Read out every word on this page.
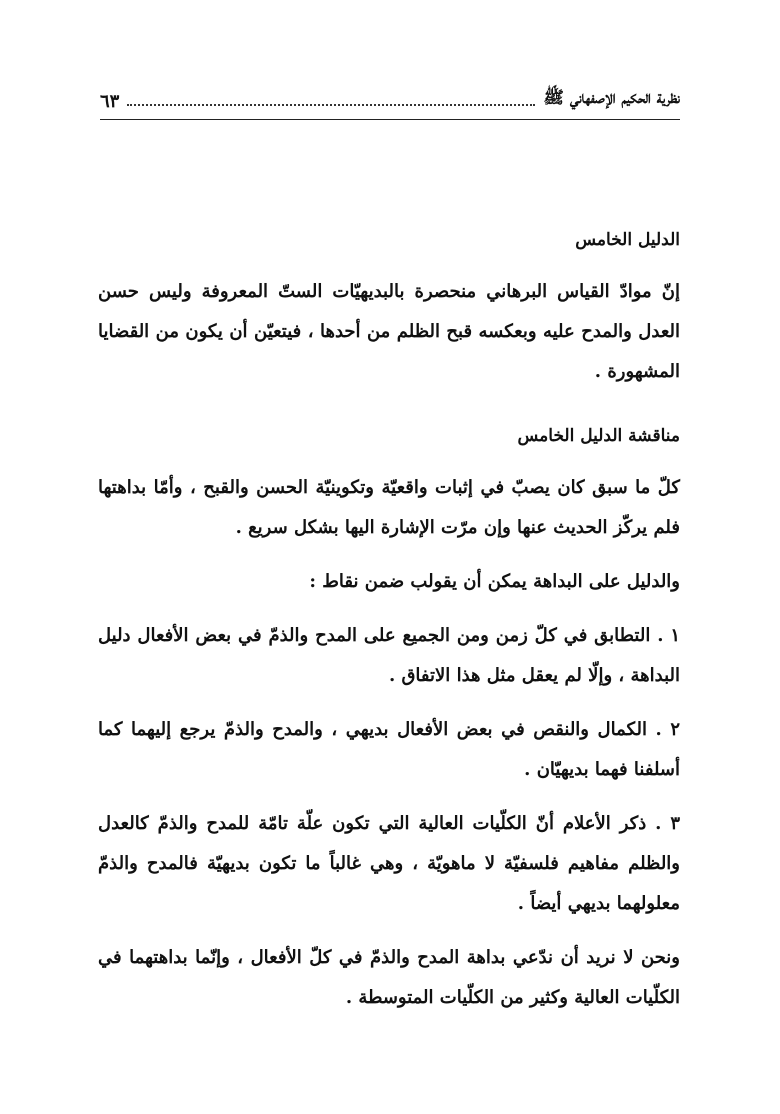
نظرية الحكيم الإصفهاني ﷺ
٦٣

الدليل الخامس

إنّ موادّ القياس البرهاني منحصرة بالبديهيّات الستّ المعروفة وليس حسن العدل والمدح عليه وبعكسه قبح الظلم من أحدها ، فيتعيّن أن يكون من القضايا المشهورة .

مناقشة الدليل الخامس

كلّ ما سبق كان يصبّ في إثبات واقعيّة وتكوينيّة الحسن والقبح ، وأمّا بداهتها فلم يركّز الحديث عنها وإن مرّت الإشارة اليها بشكل سريع .

والدليل على البداهة يمكن أن يقولب ضمن نقاط :

١ . التطابق في كلّ زمن ومن الجميع على المدح والذمّ في بعض الأفعال دليل البداهة ، وإلّا لم يعقل مثل هذا الاتفاق .

٢ . الكمال والنقص في بعض الأفعال بديهي ، والمدح والذمّ يرجع إليهما كما أسلفنا فهما بديهيّان .

٣ . ذكر الأعلام أنّ الكلّيات العالية التي تكون علّة تامّة للمدح والذمّ كالعدل والظلم مفاهيم فلسفيّة لا ماهويّة ، وهي غالباً ما تكون بديهيّة فالمدح والذمّ معلولهما بديهي أيضاً .

ونحن لا نريد أن ندّعي بداهة المدح والذمّ في كلّ الأفعال ، وإنّما بداهتهما في الكلّيات العالية وكثير من الكلّيات المتوسطة .
